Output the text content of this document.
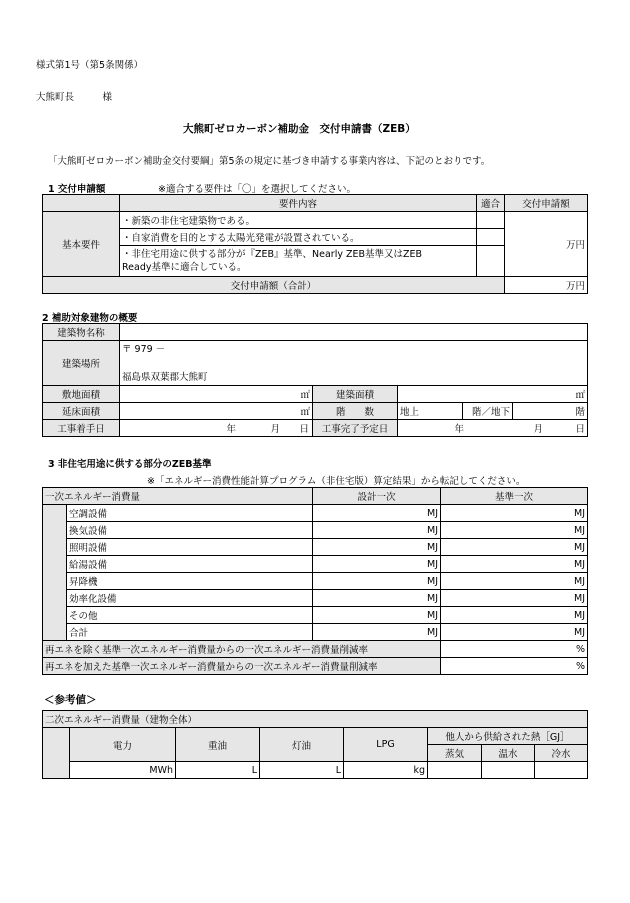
様式第1号（第5条関係）
大熊町長　　　様
大熊町ゼロカーボン補助金　交付申請書（ZEB）
「大熊町ゼロカーボン補助金交付要綱」第5条の規定に基づき申請する事業内容は、下記のとおりです。
1 交付申請額	※適合する要件は「〇」を選択してください。
	要件内容	適合	交付申請額
基本要件	・新築の非住宅建築物である。		万円
	・自家消費を目的とする太陽光発電が設置されている。		
	・非住宅用途に供する部分が『ZEB』基準、Nearly ZEB基準又はZEB
Ready基準に適合している。		
交付申請額（合計）			万円
2 補助対象建物の概要
建築物名称					
建築場所	〒 979 －

福島県双葉郡大熊町				
敷地面積	㎡	建築面積	㎡		
延床面積	㎡	階　　数	地上	階／地下	階
工事着手日	年 月 日	工事完了予定日	年 月 日		
3 非住宅用途に供する部分のZEB基準
※「エネルギー消費性能計算プログラム（非住宅版）算定結果」から転記してください。
一次エネルギー消費量		設計一次	基準一次
	空調設備	MJ	MJ
	換気設備	MJ	MJ
	照明設備	MJ	MJ
	給湯設備	MJ	MJ
	昇降機	MJ	MJ
	効率化設備	MJ	MJ
	その他	MJ	MJ
	合計	MJ	MJ
再エネを除く基準一次エネルギー消費量からの一次エネルギー消費量削減率			%
再エネを加えた基準一次エネルギー消費量からの一次エネルギー消費量削減率			%
＜参考値＞
二次エネルギー消費量（建物全体）							
	電力	重油	灯油	LPG	他人から供給された熱［GJ］		
					蒸気	温水	冷水
	MWh	L	L	kg			
